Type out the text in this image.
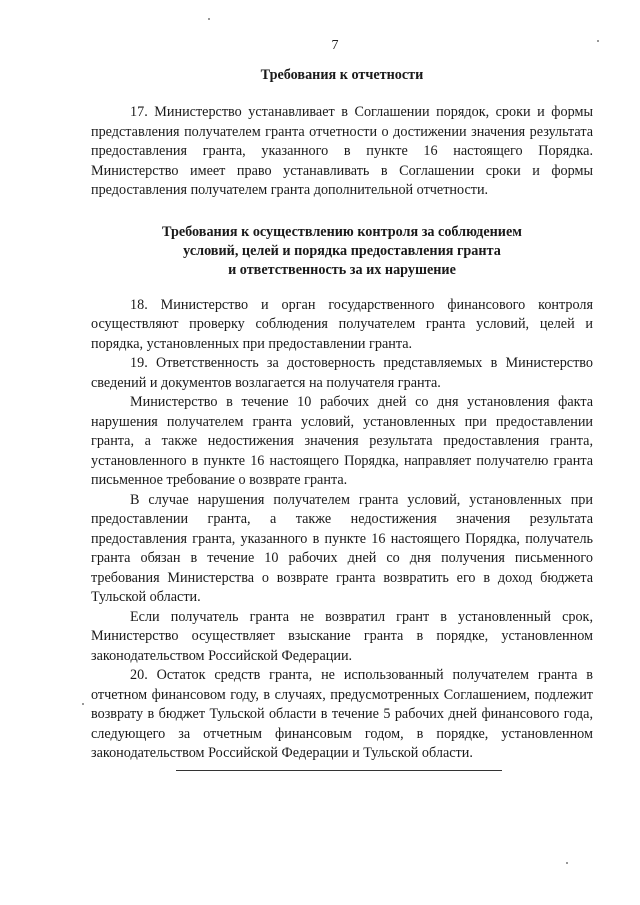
7
Требования к отчетности

17. Министерство устанавливает в Соглашении порядок, сроки и формы представления получателем гранта отчетности о достижении значения результата предоставления гранта, указанного в пункте 16 настоящего Порядка. Министерство имеет право устанавливать в Соглашении сроки и формы предоставления получателем гранта дополнительной отчетности.

Требования к осуществлению контроля за соблюдением
условий, целей и порядка предоставления гранта
и ответственность за их нарушение

18. Министерство и орган государственного финансового контроля осуществляют проверку соблюдения получателем гранта условий, целей и порядка, установленных при предоставлении гранта.

19. Ответственность за достоверность представляемых в Министерство сведений и документов возлагается на получателя гранта.

Министерство в течение 10 рабочих дней со дня установления факта нарушения получателем гранта условий, установленных при предоставлении гранта, а также недостижения значения результата предоставления гранта, установленного в пункте 16 настоящего Порядка, направляет получателю гранта письменное требование о возврате гранта.

В случае нарушения получателем гранта условий, установленных при предоставлении гранта, а также недостижения значения результата предоставления гранта, указанного в пункте 16 настоящего Порядка, получатель гранта обязан в течение 10 рабочих дней со дня получения письменного требования Министерства о возврате гранта возвратить его в доход бюджета Тульской области.

Если получатель гранта не возвратил грант в установленный срок, Министерство осуществляет взыскание гранта в порядке, установленном законодательством Российской Федерации.

20. Остаток средств гранта, не использованный получателем гранта в отчетном финансовом году, в случаях, предусмотренных Соглашением, подлежит возврату в бюджет Тульской области в течение 5 рабочих дней финансового года, следующего за отчетным финансовым годом, в порядке, установленном законодательством Российской Федерации и Тульской области.
